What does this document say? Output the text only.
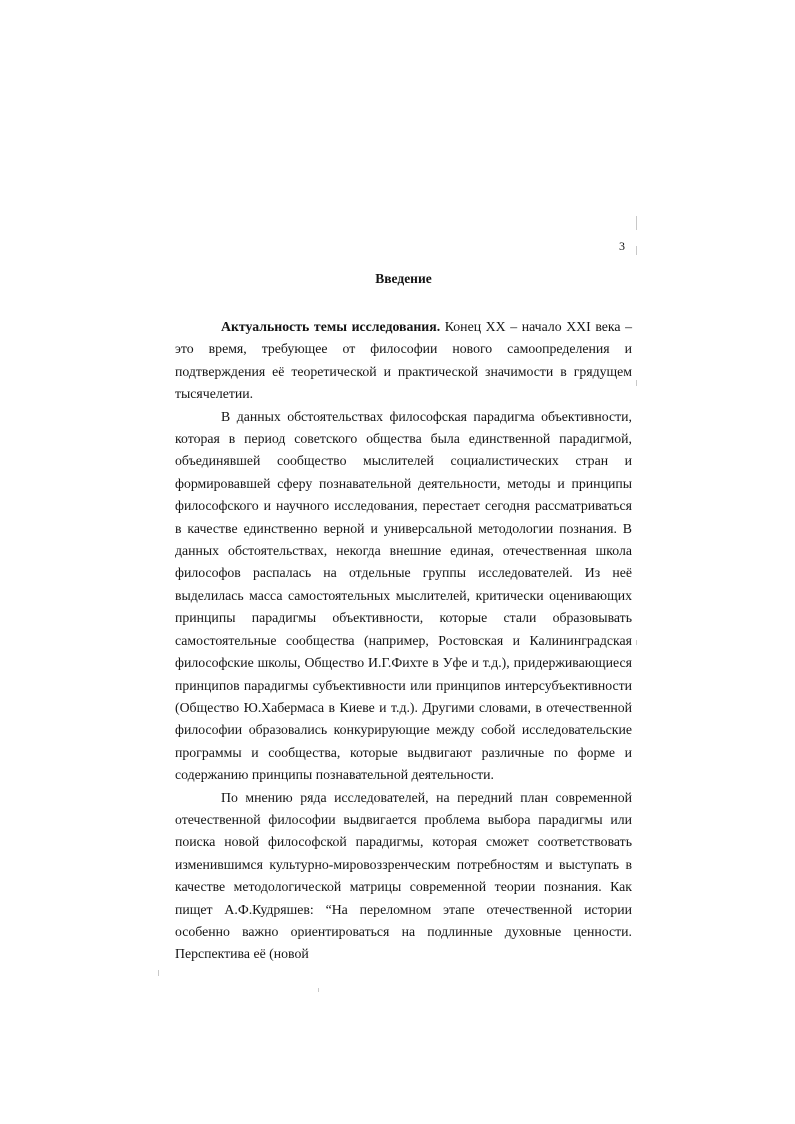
3
Введение

Актуальность темы исследования. Конец XX – начало XXI века – это время, требующее от философии нового самоопределения и подтверждения её теоретической и практической значимости в грядущем тысячелетии.

В данных обстоятельствах философская парадигма объективности, которая в период советского общества была единственной парадигмой, объединявшей сообщество мыслителей социалистических стран и формировавшей сферу познавательной деятельности, методы и принципы философского и научного исследования, перестает сегодня рассматриваться в качестве единственно верной и универсальной методологии познания. В данных обстоятельствах, некогда внешние единая, отечественная школа философов распалась на отдельные группы исследователей. Из неё выделилась масса самостоятельных мыслителей, критически оценивающих принципы парадигмы объективности, которые стали образовывать самостоятельные сообщества (например, Ростовская и Калининградская философские школы, Общество И.Г.Фихте в Уфе и т.д.), придерживающиеся принципов парадигмы субъективности или принципов интерсубъективности (Общество Ю.Хабермаса в Киеве и т.д.). Другими словами, в отечественной философии образовались конкурирующие между собой исследовательские программы и сообщества, которые выдвигают различные по форме и содержанию принципы познавательной деятельности.

По мнению ряда исследователей, на передний план современной отечественной философии выдвигается проблема выбора парадигмы или поиска новой философской парадигмы, которая сможет соответствовать изменившимся культурно-мировоззренческим потребностям и выступать в качестве методологической матрицы современной теории познания. Как пищет А.Ф.Кудряшев: “На переломном этапе отечественной истории особенно важно ориентироваться на подлинные духовные ценности. Перспектива её (новой
